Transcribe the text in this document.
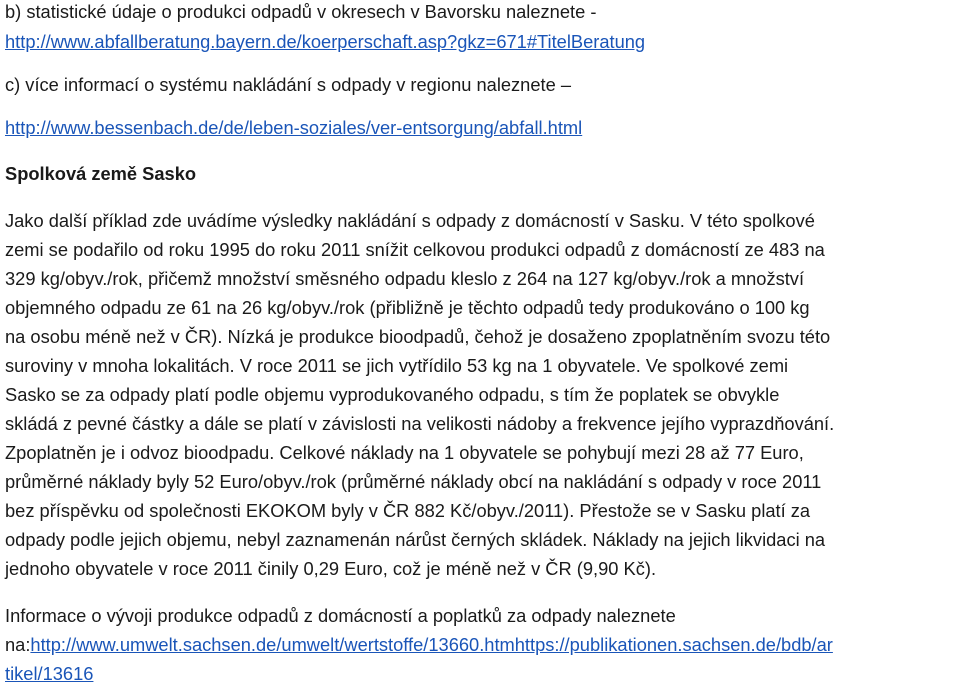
b) statistické údaje o produkci odpadů v okresech v Bavorsku naleznete -
http://www.abfallberatung.bayern.de/koerperschaft.asp?gkz=671#TitelBeratung
c) více informací o systému nakládání s odpady v regionu naleznete –
http://www.bessenbach.de/de/leben-soziales/ver-entsorgung/abfall.html
Spolková země Sasko
Jako další příklad zde uvádíme výsledky nakládání s odpady z domácností v Sasku. V této spolkové
zemi se podařilo od roku 1995 do roku 2011 snížit celkovou produkci odpadů z domácností ze 483 na
329 kg/obyv./rok, přičemž množství směsného odpadu kleslo z 264 na 127 kg/obyv./rok a množství
objemného odpadu ze 61 na 26 kg/obyv./rok (přibližně je těchto odpadů tedy produkováno o 100 kg
na osobu méně než v ČR). Nízká je produkce bioodpadů, čehož je dosaženo zpoplatněním svozu této
suroviny v mnoha lokalitách. V roce 2011 se jich vytřídilo 53 kg na 1 obyvatele. Ve spolkové zemi
Sasko se za odpady platí podle objemu vyprodukovaného odpadu, s tím že poplatek se obvykle
skládá z pevné částky a dále se platí v závislosti na velikosti nádoby a frekvence jejího vyprazdňování.
Zpoplatněn je i odvoz bioodpadu. Celkové náklady na 1 obyvatele se pohybují mezi 28 až 77 Euro,
průměrné náklady byly 52 Euro/obyv./rok (průměrné náklady obcí na nakládání s odpady v roce 2011
bez příspěvku od společnosti EKOKOM byly v ČR 882 Kč/obyv./2011). Přestože se v Sasku platí za
odpady podle jejich objemu, nebyl zaznamenán nárůst černých skládek. Náklady na jejich likvidaci na
jednoho obyvatele v roce 2011 činily 0,29 Euro, což je méně než v ČR (9,90 Kč).
Informace o vývoji produkce odpadů z domácností a poplatků za odpady naleznete
na:http://www.umwelt.sachsen.de/umwelt/wertstoffe/13660.htmhttps://publikationen.sachsen.de/bdb/ar
tikel/13616
